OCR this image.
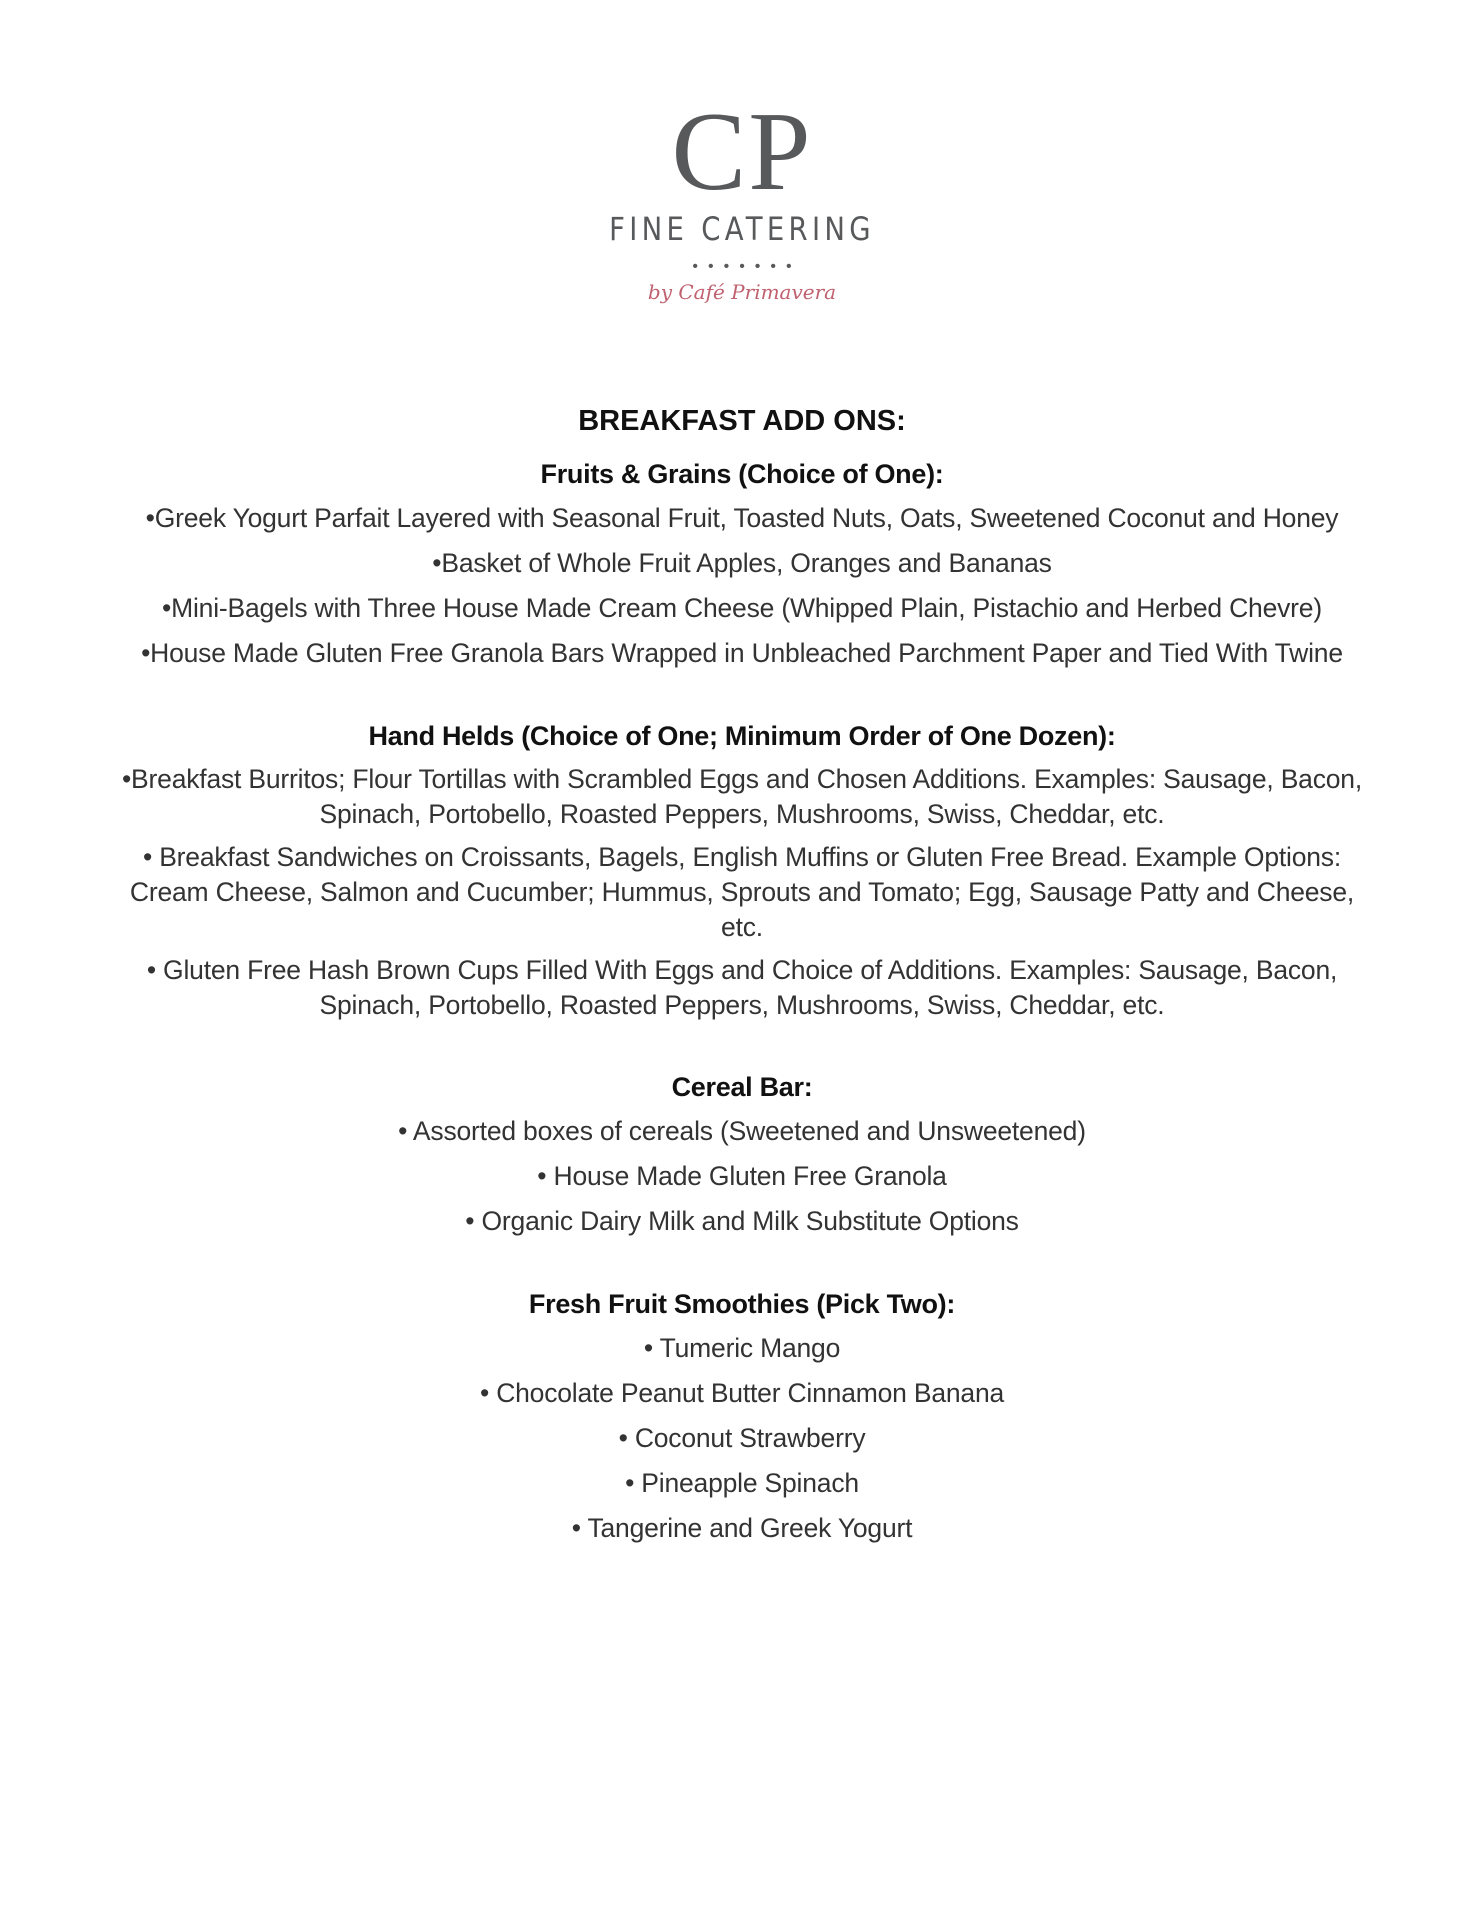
CP
FINE CATERING
•••••••
by Café Primavera
BREAKFAST ADD ONS:
Fruits & Grains (Choice of One):
•Greek Yogurt Parfait Layered with Seasonal Fruit, Toasted Nuts, Oats, Sweetened Coconut and Honey
•Basket of Whole Fruit Apples, Oranges and Bananas
•Mini-Bagels with Three House Made Cream Cheese (Whipped Plain, Pistachio and Herbed Chevre)
•House Made Gluten Free Granola Bars Wrapped in Unbleached Parchment Paper and Tied With Twine
Hand Helds (Choice of One; Minimum Order of One Dozen):
•Breakfast Burritos; Flour Tortillas with Scrambled Eggs and Chosen Additions. Examples: Sausage, Bacon, Spinach, Portobello, Roasted Peppers, Mushrooms, Swiss, Cheddar, etc.
• Breakfast Sandwiches on Croissants, Bagels, English Muffins or Gluten Free Bread. Example Options: Cream Cheese, Salmon and Cucumber; Hummus, Sprouts and Tomato; Egg, Sausage Patty and Cheese, etc.
• Gluten Free Hash Brown Cups Filled With Eggs and Choice of Additions. Examples: Sausage, Bacon, Spinach, Portobello, Roasted Peppers, Mushrooms, Swiss, Cheddar, etc.
Cereal Bar:
• Assorted boxes of cereals (Sweetened and Unsweetened)
• House Made Gluten Free Granola
• Organic Dairy Milk and Milk Substitute Options
Fresh Fruit Smoothies (Pick Two):
• Tumeric Mango
• Chocolate Peanut Butter Cinnamon Banana
• Coconut Strawberry
• Pineapple Spinach
• Tangerine and Greek Yogurt
